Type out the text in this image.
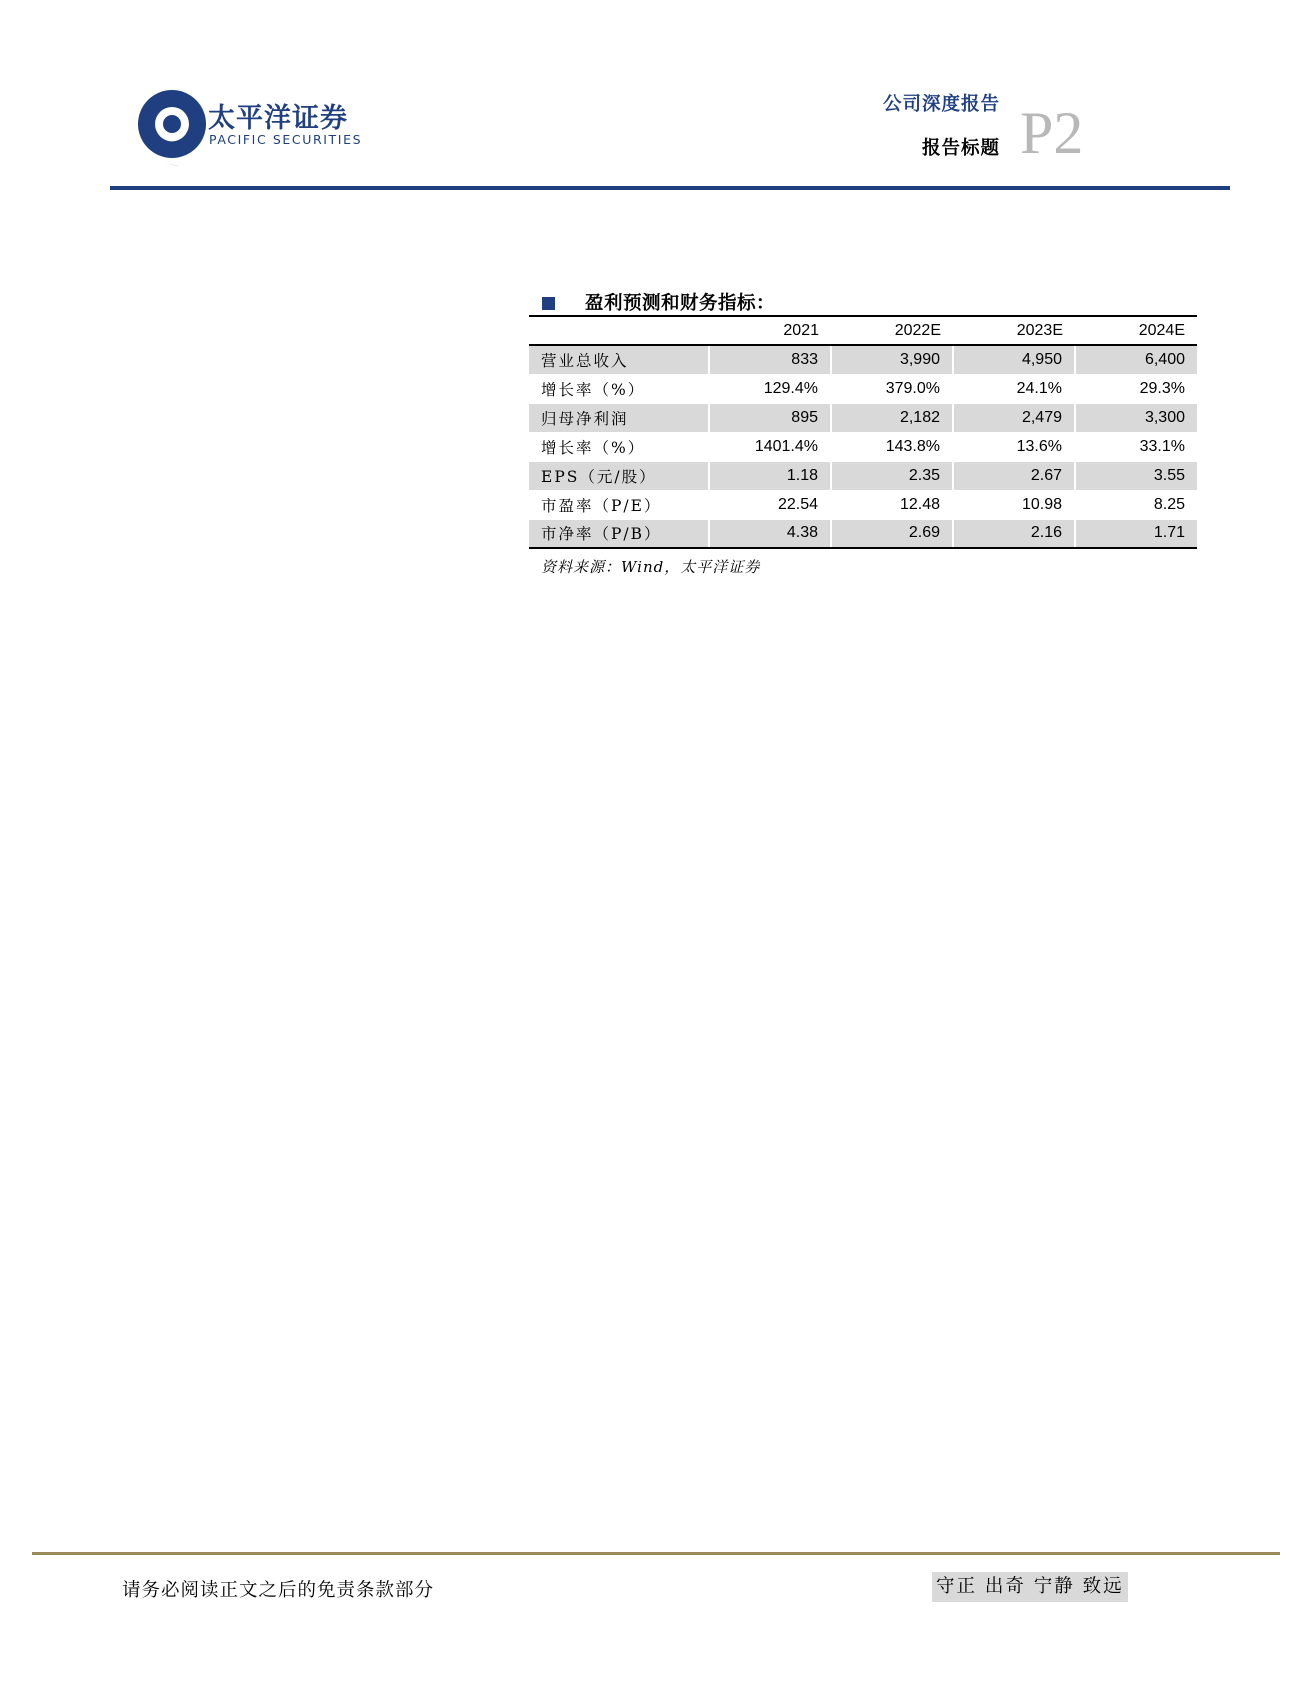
太平洋证券
PACIFIC SECURITIES
公司深度报告
报告标题 P2
盈利预测和财务指标：
	2021	2022E	2023E	2024E
营业总收入	833	3,990	4,950	6,400
增长率（%）	129.4%	379.0%	24.1%	29.3%
归母净利润	895	2,182	2,479	3,300
增长率（%）	1401.4%	143.8%	13.6%	33.1%
EPS（元/股）	1.18	2.35	2.67	3.55
市盈率（P/E）	22.54	12.48	10.98	8.25
市净率（P/B）	4.38	2.69	2.16	1.71
资料来源：Wind，太平洋证券
请务必阅读正文之后的免责条款部分	守正 出奇 宁静 致远
